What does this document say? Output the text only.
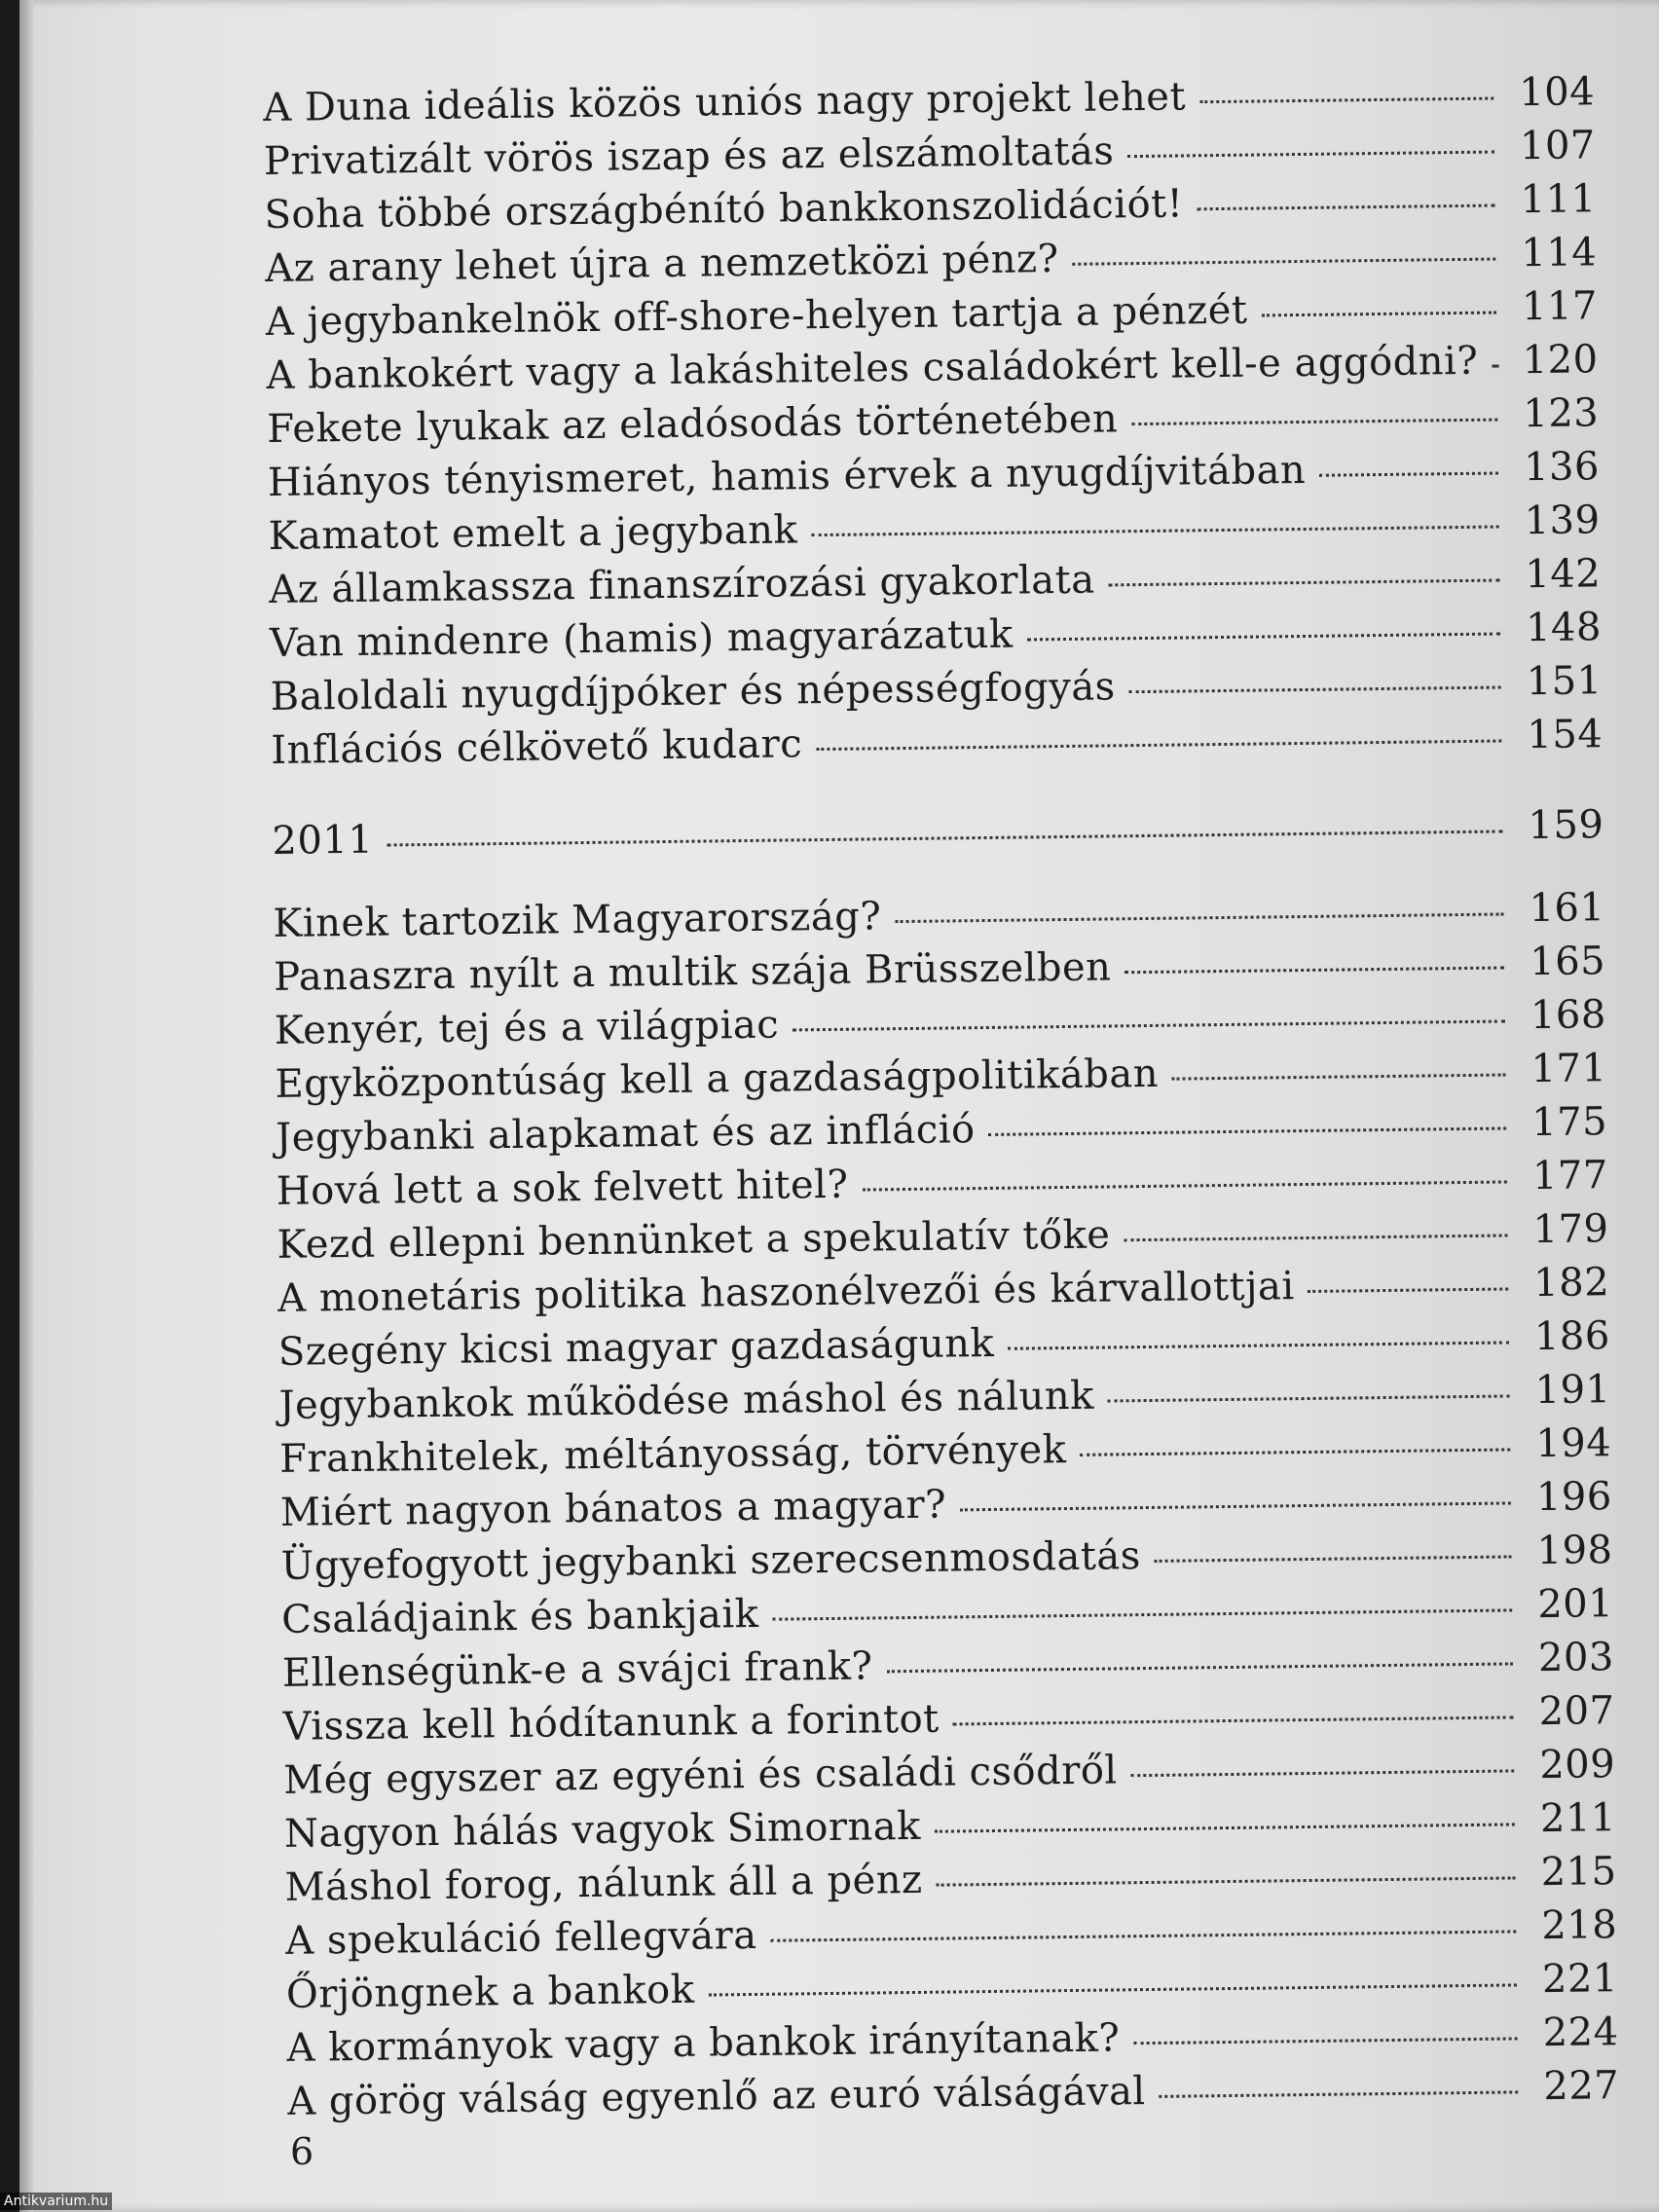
A Duna ideális közös uniós nagy projekt lehet	104
Privatizált vörös iszap és az elszámoltatás	107
Soha többé országbénító bankkonszolidációt!	111
Az arany lehet újra a nemzetközi pénz?	114
A jegybankelnök off-shore-helyen tartja a pénzét	117
A bankokért vagy a lakáshiteles családokért kell-e aggódni?	120
Fekete lyukak az eladósodás történetében	123
Hiányos tényismeret, hamis érvek a nyugdíjvitában	136
Kamatot emelt a jegybank	139
Az államkassza finanszírozási gyakorlata	142
Van mindenre (hamis) magyarázatuk	148
Baloldali nyugdíjpóker és népességfogyás	151
Inflációs célkövető kudarc	154
2011	159
Kinek tartozik Magyarország?	161
Panaszra nyílt a multik szája Brüsszelben	165
Kenyér, tej és a világpiac	168
Egyközpontúság kell a gazdaságpolitikában	171
Jegybanki alapkamat és az infláció	175
Hová lett a sok felvett hitel?	177
Kezd ellepni bennünket a spekulatív tőke	179
A monetáris politika haszonélvezői és kárvallottjai	182
Szegény kicsi magyar gazdaságunk	186
Jegybankok működése máshol és nálunk	191
Frankhitelek, méltányosság, törvények	194
Miért nagyon bánatos a magyar?	196
Ügyefogyott jegybanki szerecsenmosdatás	198
Családjaink és bankjaik	201
Ellenségünk-e a svájci frank?	203
Vissza kell hódítanunk a forintot	207
Még egyszer az egyéni és családi csődről	209
Nagyon hálás vagyok Simornak	211
Máshol forog, nálunk áll a pénz	215
A spekuláció fellegvára	218
Őrjöngnek a bankok	221
A kormányok vagy a bankok irányítanak?	224
A görög válság egyenlő az euró válságával	227
6
Antikvarium.hu
